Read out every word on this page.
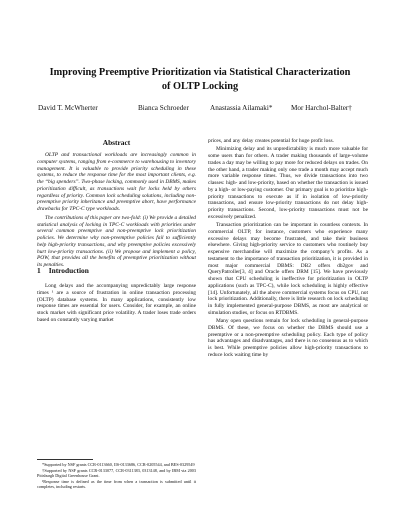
Improving Preemptive Prioritization via Statistical Characterization
of OLTP Locking
David T. McWherter	Bianca Schroeder	Anastassia Ailamaki*	Mor Harchol-Balter†
Abstract

OLTP and transactional workloads are increasingly common in computer systems, ranging from e-commerce to warehousing to inventory management. It is valuable to provide priority scheduling in these systems, to reduce the response time for the most important clients, e.g. the “big spenders”. Two-phase locking, commonly used in DBMS, makes prioritization difficult, as transactions wait for locks held by others regardless of priority. Common lock scheduling solutions, including non-preemptive priority inheritance and preemptive abort, have performance drawbacks for TPC-C type workloads.

The contributions of this paper are two-fold: (i) We provide a detailed statistical analysis of locking in TPC-C workloads with priorities under several common preemptive and non-preemptive lock prioritization policies. We determine why non-preemptive policies fail to sufficiently help high-priority transactions, and why preemptive policies excessively hurt low-priority transactions. (ii) We propose and implement a policy, POW, that provides all the benefits of preemptive prioritization without its penalties.

1 Introduction

Long delays and the accompanying unpredictably large response times ¹ are a source of frustration in online transaction processing (OLTP) database systems. In many applications, consistently low response times are essential for users. Consider, for example, an online stock market with significant price volatility. A trader loses trade orders based on constantly varying market

*Supported by NSF grants CCR-0113660, IIS-0133686, CCR-0205544, and BES-0329549

†Supported by NSF grants CCR-0133077, CCR-0311383, 0313148, and by IBM via 2003 Pittsburgh Digital Greenhouse Grant.

¹Response time is defined as the time from when a transaction is submitted until it completes, including restarts.

prices, and any delay creates potential for huge profit loss.

Minimizing delay and its unpredictability is much more valuable for some users than for others. A trader making thousands of large-volume trades a day may be willing to pay more for reduced delays on trades. On the other hand, a trader making only one trade a month may accept much more variable response times. Thus, we divide transactions into two classes: high- and low-priority, based on whether the transaction is issued by a high- or low-paying customer. Our primary goal is to prioritize high-priority transactions to execute as if in isolation of low-priority transactions, and ensure low-priority transactions do not delay high-priority transactions. Second, low-priority transactions must not be excessively penalized.

Transaction prioritization can be important in countless contexts. In commercial OLTP, for instance, customers who experience many excessive delays may become frustrated, and take their business elsewhere. Giving high-priority service to customers who routinely buy expensive merchandise will maximize the company’s profits. As a testament to the importance of transaction prioritization, it is provided in most major commercial DBMS: DB2 offers db2gov and QueryPatroller[3, 4] and Oracle offers DRM [15]. We have previously shown that CPU scheduling is ineffective for prioritization in OLTP applications (such as TPC-C), while lock scheduling is highly effective [14]. Unfortunately, all the above commercial systems focus on CPU, not lock prioritization. Additionally, there is little research on lock scheduling in fully implemented general-purpose DBMS, as most are analytical or simulation studies, or focus on RTDBMS.

Many open questions remain for lock scheduling in general-purpose DBMS. Of these, we focus on whether the DBMS should use a preemptive or a non-preemptive scheduling policy. Each type of policy has advantages and disadvantages, and there is no consensus as to which is best. While preemptive policies allow high-priority transactions to reduce lock waiting time by
